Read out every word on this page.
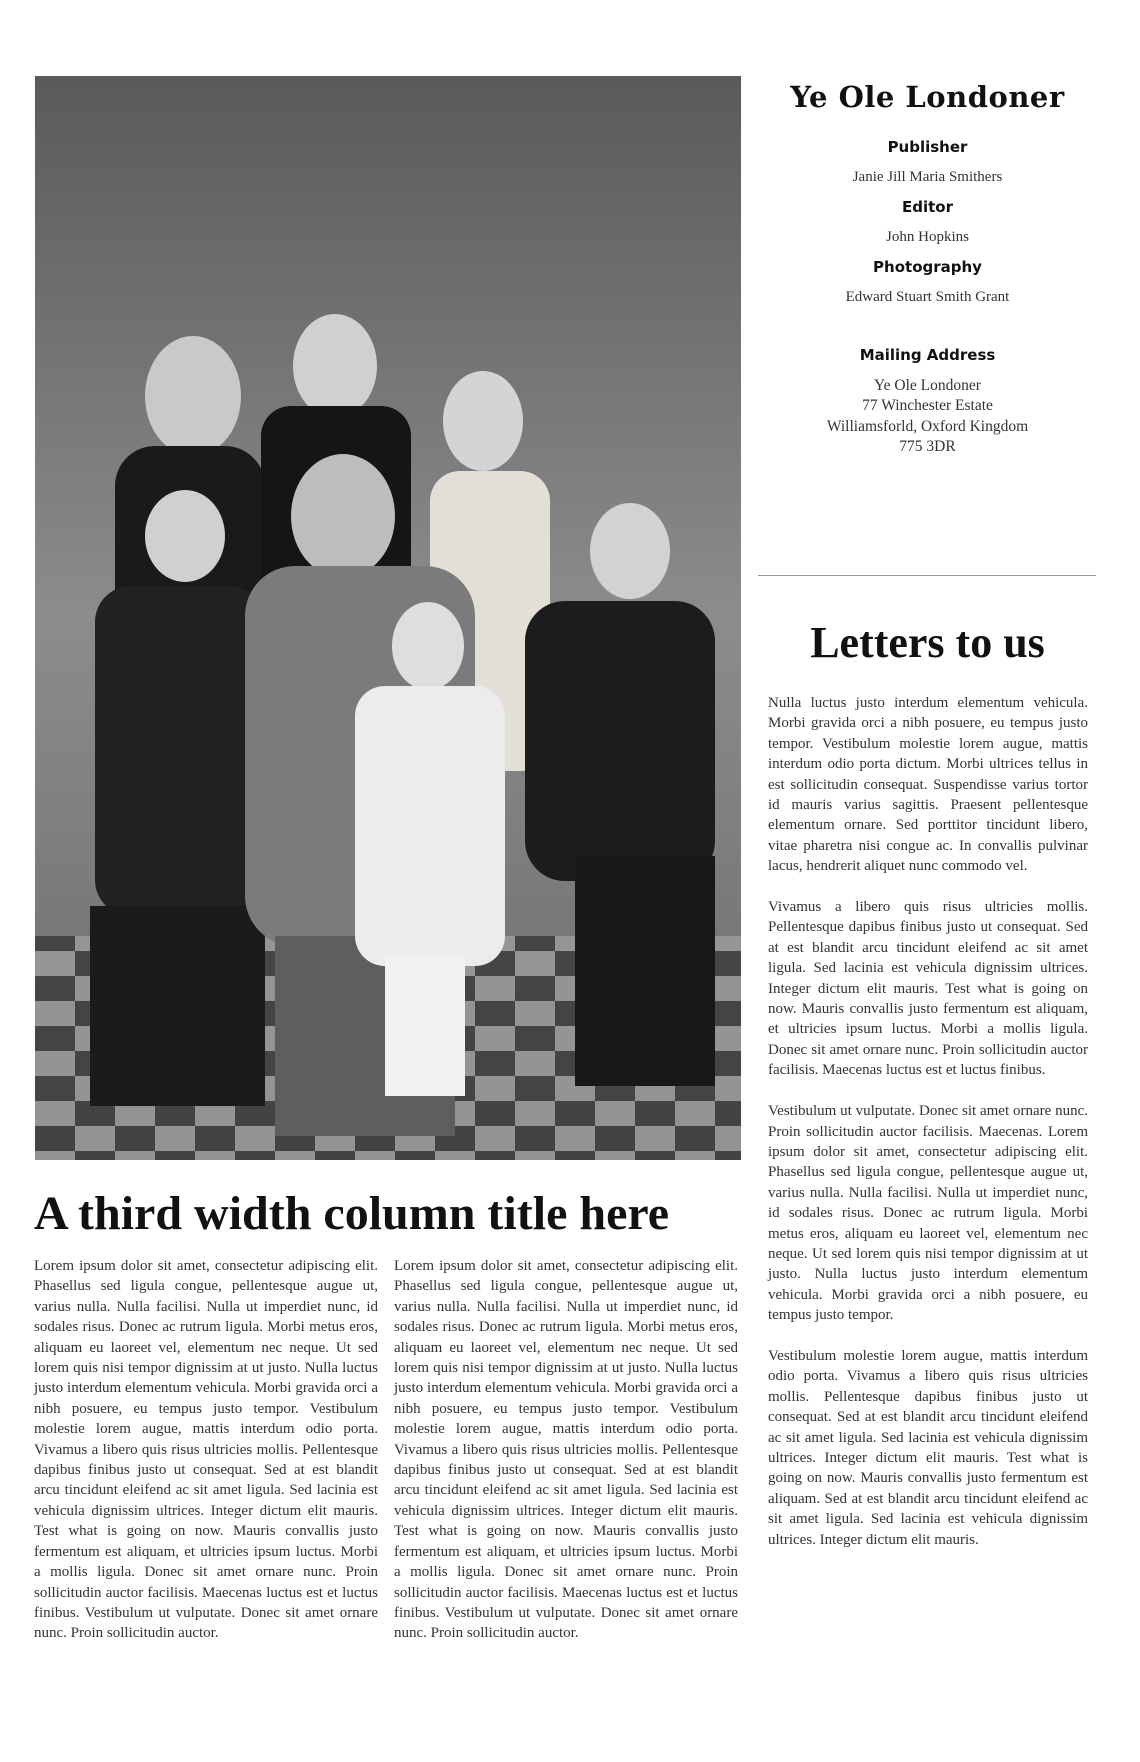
Ye Ole Londoner
Publisher
Janie Jill Maria Smithers
Editor
John Hopkins
Photography
Edward Stuart Smith Grant
Mailing Address
Ye Ole Londoner
77 Winchester Estate
Williamsforld, Oxford Kingdom
775 3DR
Letters to us

Nulla luctus justo interdum elementum vehicula. Morbi gravida orci a nibh posuere, eu tempus justo tempor. Vestibulum molestie lorem augue, mattis interdum odio porta dictum. Morbi ultrices tellus in est sollicitudin consequat. Suspendisse varius tortor id mauris varius sagittis. Praesent pellentesque elementum ornare. Sed porttitor tincidunt libero, vitae pharetra nisi congue ac. In convallis pulvinar lacus, hendrerit aliquet nunc commodo vel.

Vivamus a libero quis risus ultricies mollis. Pellentesque dapibus finibus justo ut consequat. Sed at est blandit arcu tincidunt eleifend ac sit amet ligula. Sed lacinia est vehicula dignissim ultrices. Integer dictum elit mauris. Test what is going on now. Mauris convallis justo fermentum est aliquam, et ultricies ipsum luctus. Morbi a mollis ligula. Donec sit amet ornare nunc. Proin sollicitudin auctor facilisis. Maecenas luctus est et luctus finibus.

Vestibulum ut vulputate. Donec sit amet ornare nunc. Proin sollicitudin auctor facilisis. Maecenas. Lorem ipsum dolor sit amet, consectetur adipiscing elit. Phasellus sed ligula congue, pellentesque augue ut, varius nulla. Nulla facilisi. Nulla ut imperdiet nunc, id sodales risus. Donec ac rutrum ligula. Morbi metus eros, aliquam eu laoreet vel, elementum nec neque. Ut sed lorem quis nisi tempor dignissim at ut justo. Nulla luctus justo interdum elementum vehicula. Morbi gravida orci a nibh posuere, eu tempus justo tempor.

Vestibulum molestie lorem augue, mattis interdum odio porta. Vivamus a libero quis risus ultricies mollis. Pellentesque dapibus finibus justo ut consequat. Sed at est blandit arcu tincidunt eleifend ac sit amet ligula. Sed lacinia est vehicula dignissim ultrices. Integer dictum elit mauris. Test what is going on now. Mauris convallis justo fermentum est aliquam. Sed at est blandit arcu tincidunt eleifend ac sit amet ligula. Sed lacinia est vehicula dignissim ultrices. Integer dictum elit mauris.

A third width column title here

Lorem ipsum dolor sit amet, consectetur adipiscing elit. Phasellus sed ligula congue, pellentesque augue ut, varius nulla. Nulla facilisi. Nulla ut imperdiet nunc, id sodales risus. Donec ac rutrum ligula. Morbi metus eros, aliquam eu laoreet vel, elementum nec neque. Ut sed lorem quis nisi tempor dignissim at ut justo. Nulla luctus justo interdum elementum vehicula. Morbi gravida orci a nibh posuere, eu tempus justo tempor. Vestibulum molestie lorem augue, mattis interdum odio porta. Vivamus a libero quis risus ultricies mollis. Pellentesque dapibus finibus justo ut consequat. Sed at est blandit arcu tincidunt eleifend ac sit amet ligula. Sed lacinia est vehicula dignissim ultrices. Integer dictum elit mauris. Test what is going on now. Mauris convallis justo fermentum est aliquam, et ultricies ipsum luctus. Morbi a mollis ligula. Donec sit amet ornare nunc. Proin sollicitudin auctor facilisis. Maecenas luctus est et luctus finibus. Vestibulum ut vulputate. Donec sit amet ornare nunc. Proin sollicitudin auctor.

Lorem ipsum dolor sit amet, consectetur adipiscing elit. Phasellus sed ligula congue, pellentesque augue ut, varius nulla. Nulla facilisi. Nulla ut imperdiet nunc, id sodales risus. Donec ac rutrum ligula. Morbi metus eros, aliquam eu laoreet vel, elementum nec neque. Ut sed lorem quis nisi tempor dignissim at ut justo. Nulla luctus justo interdum elementum vehicula. Morbi gravida orci a nibh posuere, eu tempus justo tempor. Vestibulum molestie lorem augue, mattis interdum odio porta. Vivamus a libero quis risus ultricies mollis. Pellentesque dapibus finibus justo ut consequat. Sed at est blandit arcu tincidunt eleifend ac sit amet ligula. Sed lacinia est vehicula dignissim ultrices. Integer dictum elit mauris. Test what is going on now. Mauris convallis justo fermentum est aliquam, et ultricies ipsum luctus. Morbi a mollis ligula. Donec sit amet ornare nunc. Proin sollicitudin auctor facilisis. Maecenas luctus est et luctus finibus. Vestibulum ut vulputate. Donec sit amet ornare nunc. Proin sollicitudin auctor.
